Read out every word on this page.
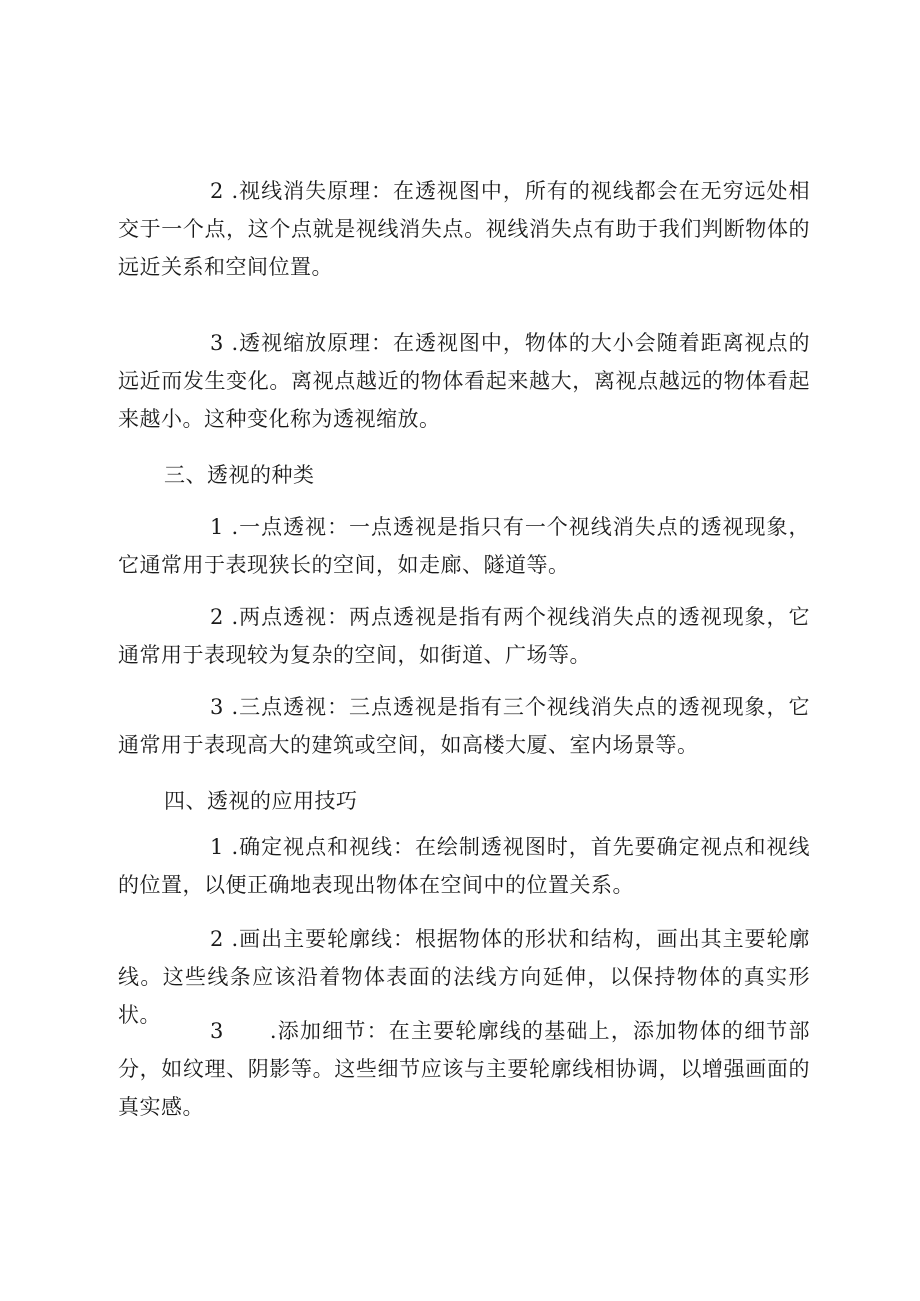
2 .视线消失原理：在透视图中，所有的视线都会在无穷远处相交于一个点，这个点就是视线消失点。视线消失点有助于我们判断物体的远近关系和空间位置。

3 .透视缩放原理：在透视图中，物体的大小会随着距离视点的远近而发生变化。离视点越近的物体看起来越大，离视点越远的物体看起来越小。这种变化称为透视缩放。

三、透视的种类

1 .一点透视：一点透视是指只有一个视线消失点的透视现象，它通常用于表现狭长的空间，如走廊、隧道等。

2 .两点透视：两点透视是指有两个视线消失点的透视现象，它通常用于表现较为复杂的空间，如街道、广场等。

3 .三点透视：三点透视是指有三个视线消失点的透视现象，它通常用于表现高大的建筑或空间，如高楼大厦、室内场景等。

四、透视的应用技巧

1 .确定视点和视线：在绘制透视图时，首先要确定视点和视线的位置，以便正确地表现出物体在空间中的位置关系。

2 .画出主要轮廓线：根据物体的形状和结构，画出其主要轮廓线。这些线条应该沿着物体表面的法线方向延伸，以保持物体的真实形状。

3 .添加细节：在主要轮廓线的基础上，添加物体的细节部分，如纹理、阴影等。这些细节应该与主要轮廓线相协调，以增强画面的真实感。
